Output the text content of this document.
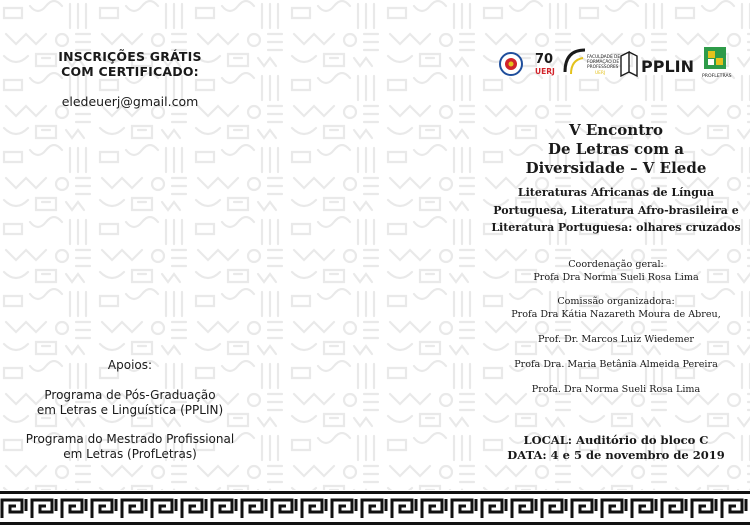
INSCRIÇÕES GRÁTIS
COM CERTIFICADO:
eledeuerj@gmail.com
Apoios:
Programa de Pós-Graduação
em Letras e Linguística (PPLIN)
Programa do Mestrado Profissional
em Letras (ProfLetras)
70
UERJ
FACULDADE DE
FORMAÇÃO DE
PROFESSORES
UERJ PPLIN
PROFLETRAS
V Encontro
De Letras com a
Diversidade – V Elede
Literaturas Africanas de Língua
Portuguesa, Literatura Afro-brasileira e
Literatura Portuguesa: olhares cruzados
Coordenação geral:
Profa Dra Norma Sueli Rosa Lima
Comissão organizadora:
Profa Dra Kátia Nazareth Moura de Abreu,
Prof. Dr. Marcos Luiz Wiedemer
Profa Dra. Maria Betânia Almeida Pereira
Profa. Dra Norma Sueli Rosa Lima
LOCAL: Auditório do bloco C
DATA: 4 e 5 de novembro de 2019
